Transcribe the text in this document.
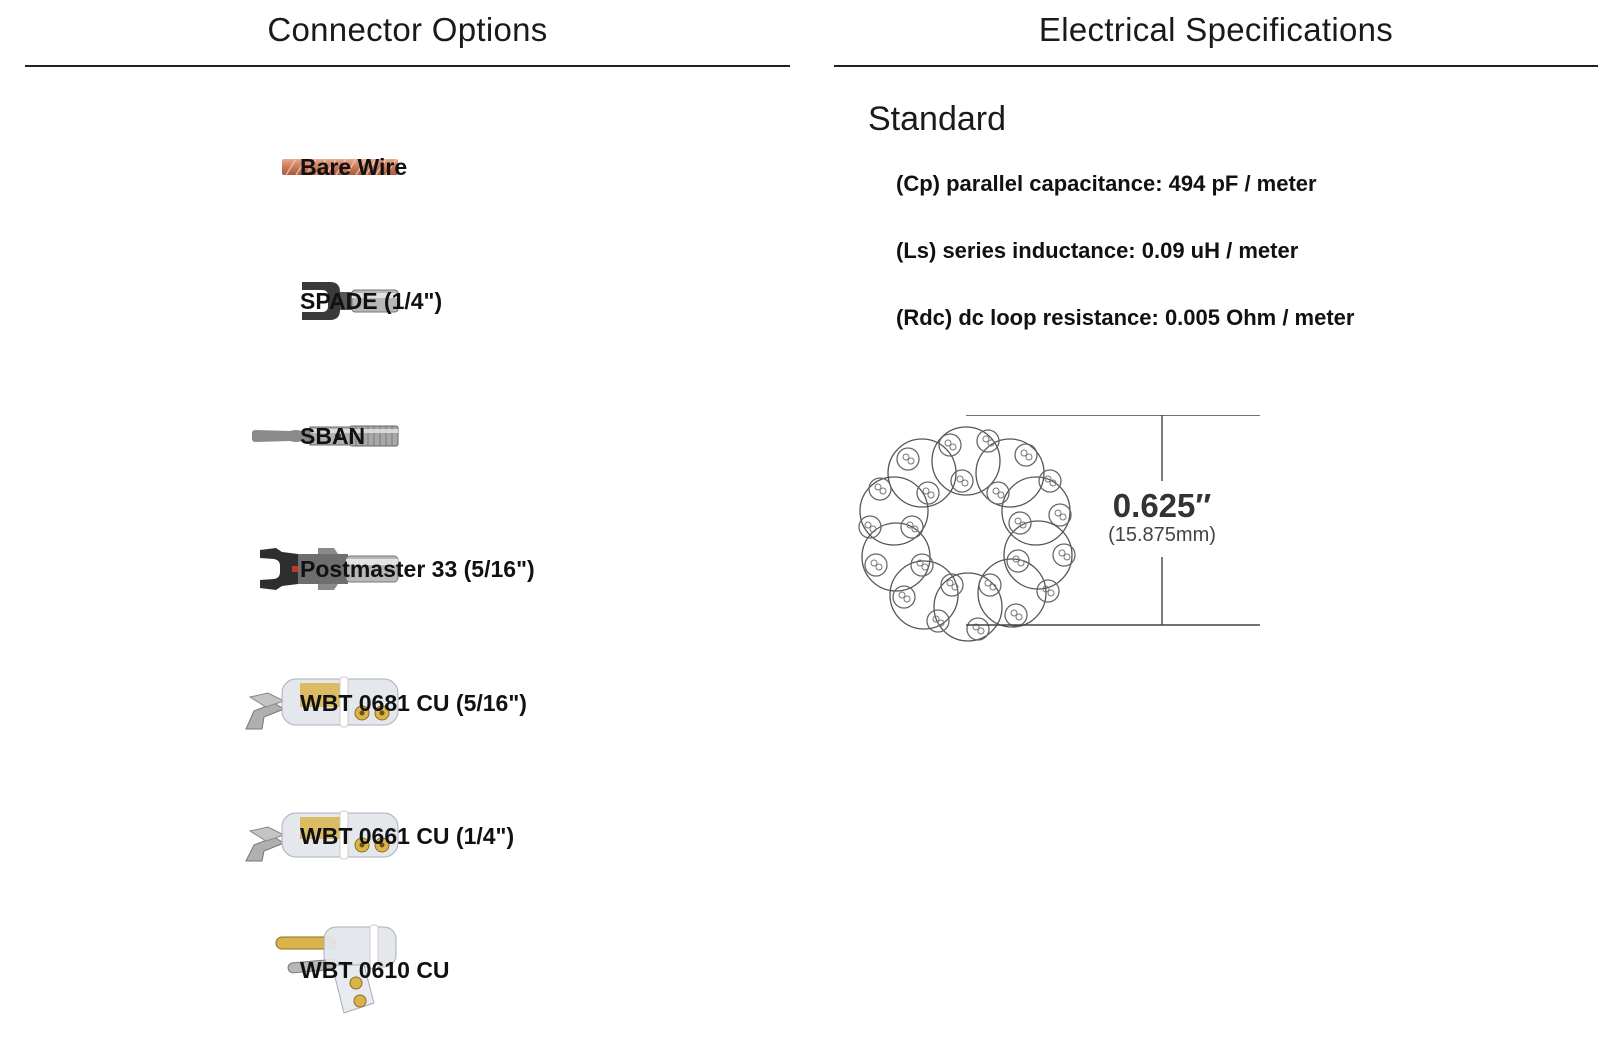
Connector Options	Electrical Specifications
Bare Wire
SPADE (1/4")
SBAN
Postmaster 33 (5/16")
WBT 0681 CU (5/16")
WBT 0661 CU (1/4")
WBT 0610 CU
Standard
(Cp) parallel capacitance: 494 pF / meter
(Ls) series inductance: 0.09 uH / meter
(Rdc) dc loop resistance: 0.005 Ohm / meter
0.625″
(15.875mm)
